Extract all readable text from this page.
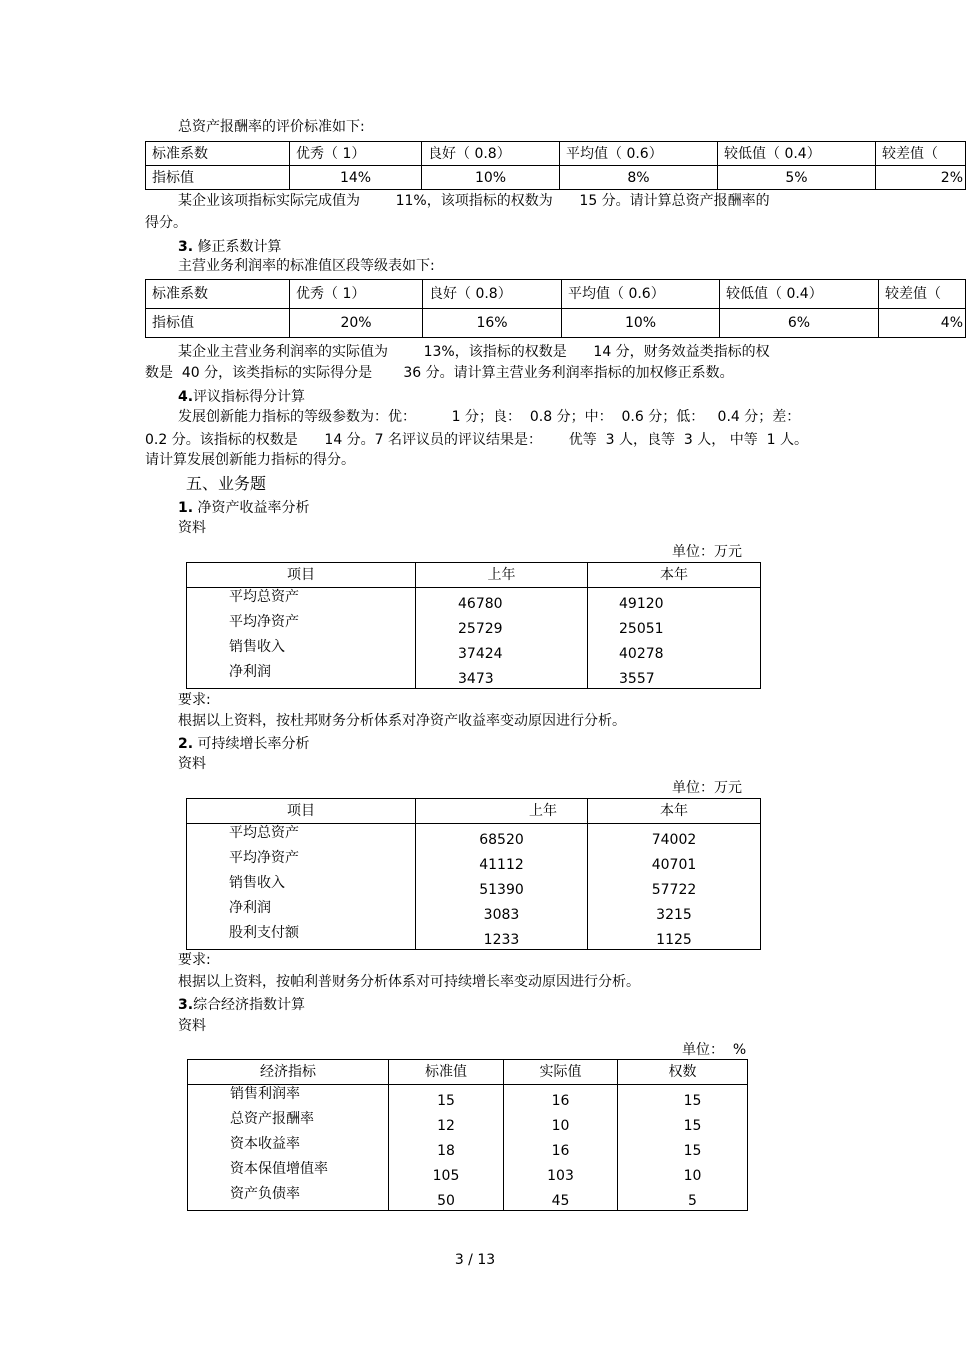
总资产报酬率的评价标准如下:
标准系数	优秀（ 1）	良好（ 0.8）	平均值（ 0.6）	较低值（ 0.4）	较差值（
指标值	14%	10%	8%	5%	2%
某企业该项指标实际完成值为        11%，该项指标的权数为      15 分。请计算总资产报酬率的
得分。
3. 修正系数计算
主营业务利润率的标准值区段等级表如下:
标准系数	优秀（ 1）	良好（ 0.8）	平均值（ 0.6）	较低值（ 0.4）	较差值（
指标值	20%	16%	10%	6%	4%
某企业主营业务利润率的实际值为        13%，该指标的权数是      14 分，财务效益类指标的权
数是  40 分，该类指标的实际得分是       36 分。请计算主营业务利润率指标的加权修正系数。
4.评议指标得分计算
发展创新能力指标的等级参数为：优：        1 分；良：  0.8 分；中：  0.6 分；低：   0.4 分；差：
0.2 分。该指标的权数是      14 分。7 名评议员的评议结果是：      优等  3 人，良等  3 人， 中等  1 人。
请计算发展创新能力指标的得分。
五、业务题
1. 净资产收益率分析
资料
单位：万元
项目	上年	本年
平均总资产	46780	49120
平均净资产	25729	25051
销售收入	37424	40278
净利润	3473	3557
要求:
根据以上资料，按杜邦财务分析体系对净资产收益率变动原因进行分析。
2. 可持续增长率分析
资料
单位：万元
项目	上年	本年
平均总资产	68520	74002
平均净资产	41112	40701
销售收入	51390	57722
净利润	3083	3215
股利支付额	1233	1125
要求:
根据以上资料，按帕利普财务分析体系对可持续增长率变动原因进行分析。
3.综合经济指数计算
资料
单位：  %
经济指标	标准值	实际值	权数
销售利润率	15	16	15
总资产报酬率	12	10	15
资本收益率	18	16	15
资本保值增值率	105	103	10
资产负债率	50	45	5
3 / 13
